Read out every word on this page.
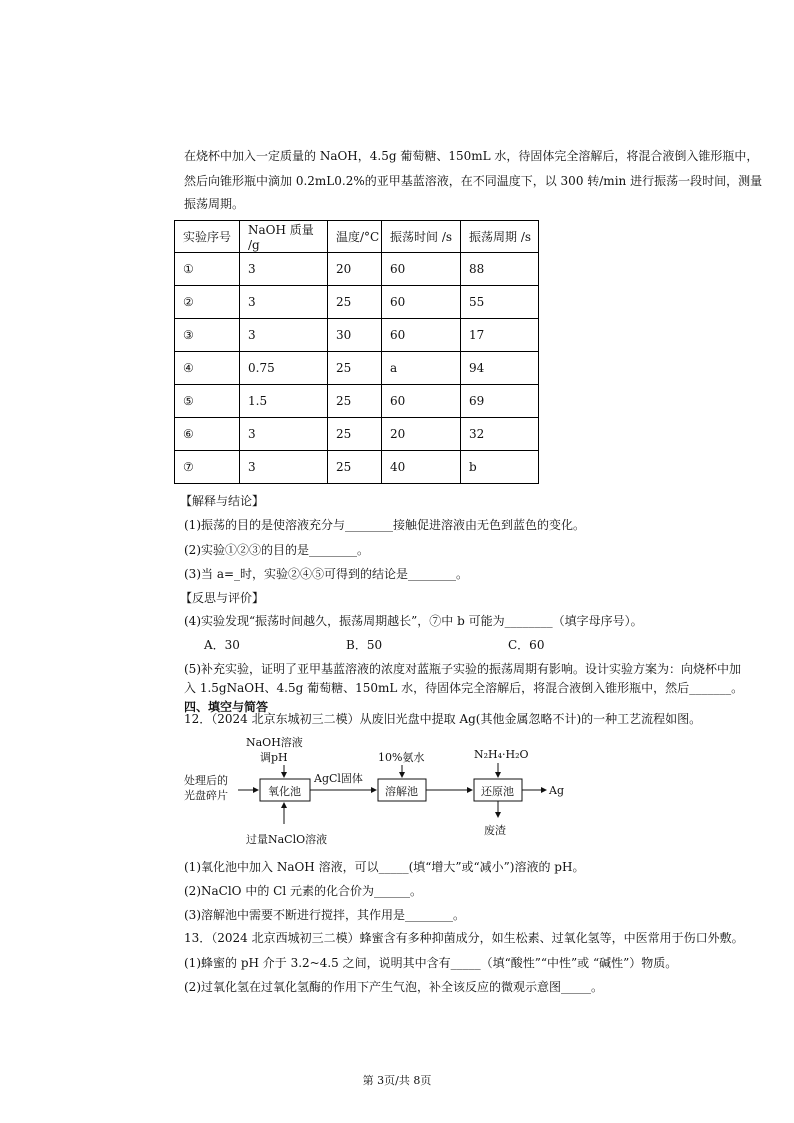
在烧杯中加入一定质量的 NaOH，4.5g 葡萄糖、150mL 水，待固体完全溶解后，将混合液倒入锥形瓶中，
然后向锥形瓶中滴加 0.2mL0.2%的亚甲基蓝溶液，在不同温度下，以 300 转/min 进行振荡一段时间，测量
振荡周期。
实验序号	NaOH 质量 /g	温度/°C	振荡时间 /s	振荡周期 /s
①	3	20	60	88
②	3	25	60	55
③	3	30	60	17
④	0.75	25	a	94
⑤	1.5	25	60	69
⑥	3	25	20	32
⑦	3	25	40	b
【解释与结论】
(1)振荡的目的是使溶液充分与________接触促进溶液由无色到蓝色的变化。
(2)实验①②③的目的是________。
(3)当 a=_时，实验②④⑤可得到的结论是________。
【反思与评价】
(4)实验发现“振荡时间越久，振荡周期越长”，⑦中 b 可能为________（填字母序号）。
A．30	B．50	C．60
(5)补充实验，证明了亚甲基蓝溶液的浓度对蓝瓶子实验的振荡周期有影响。设计实验方案为：向烧杯中加
入 1.5gNaOH、4.5g 葡萄糖、150mL 水，待固体完全溶解后，将混合液倒入锥形瓶中，然后_______。
四、填空与简答
12．（2024 北京东城初三二模）从废旧光盘中提取 Ag(其他金属忽略不计)的一种工艺流程如图。
处理后的
光盘碎片
NaOH溶液
调pH
氧化池
过量NaClO溶液
AgCl固体
10%氨水
溶解池
N₂H₄·H₂O
还原池
废渣
Ag
(1)氧化池中加入 NaOH 溶液，可以_____(填“增大”或“减小”)溶液的 pH。
(2)NaClO 中的 Cl 元素的化合价为______。
(3)溶解池中需要不断进行搅拌，其作用是________。
13．（2024 北京西城初三二模）蜂蜜含有多种抑菌成分，如生松素、过氧化氢等，中医常用于伤口外敷。
(1)蜂蜜的 pH 介于 3.2~4.5 之间，说明其中含有_____（填“酸性”“中性”或 “碱性”）物质。
(2)过氧化氢在过氧化氢酶的作用下产生气泡，补全该反应的微观示意图_____。
第 3页/共 8页
